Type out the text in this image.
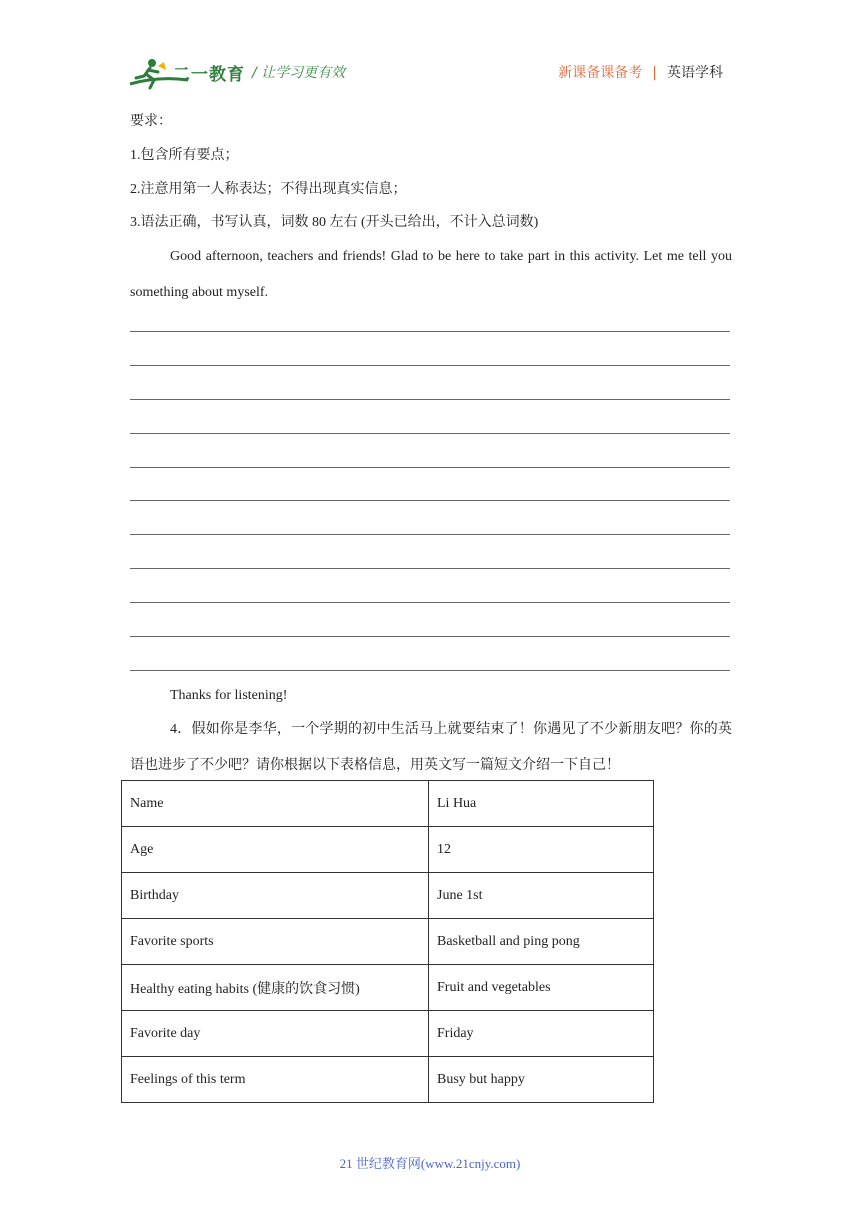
二一教育 / 让学习更有效	新课备课备考 | 英语学科
要求：
1.包含所有要点；
2.注意用第一人称表达；不得出现真实信息；
3.语法正确，书写认真，词数 80 左右 (开头已给出，不计入总词数)
Good afternoon, teachers and friends! Glad to be here to take part in this activity. Let me tell you something about myself.
Thanks for listening!
4．假如你是李华，一个学期的初中生活马上就要结束了！你遇见了不少新朋友吧？你的英语也进步了不少吧？请你根据以下表格信息，用英文写一篇短文介绍一下自己！
Name	Li Hua
Age	12
Birthday	June 1st
Favorite sports	Basketball and ping pong
Healthy eating habits (健康的饮食习惯)	Fruit and vegetables
Favorite day	Friday
Feelings of this term	Busy but happy
21 世纪教育网(www.21cnjy.com)
